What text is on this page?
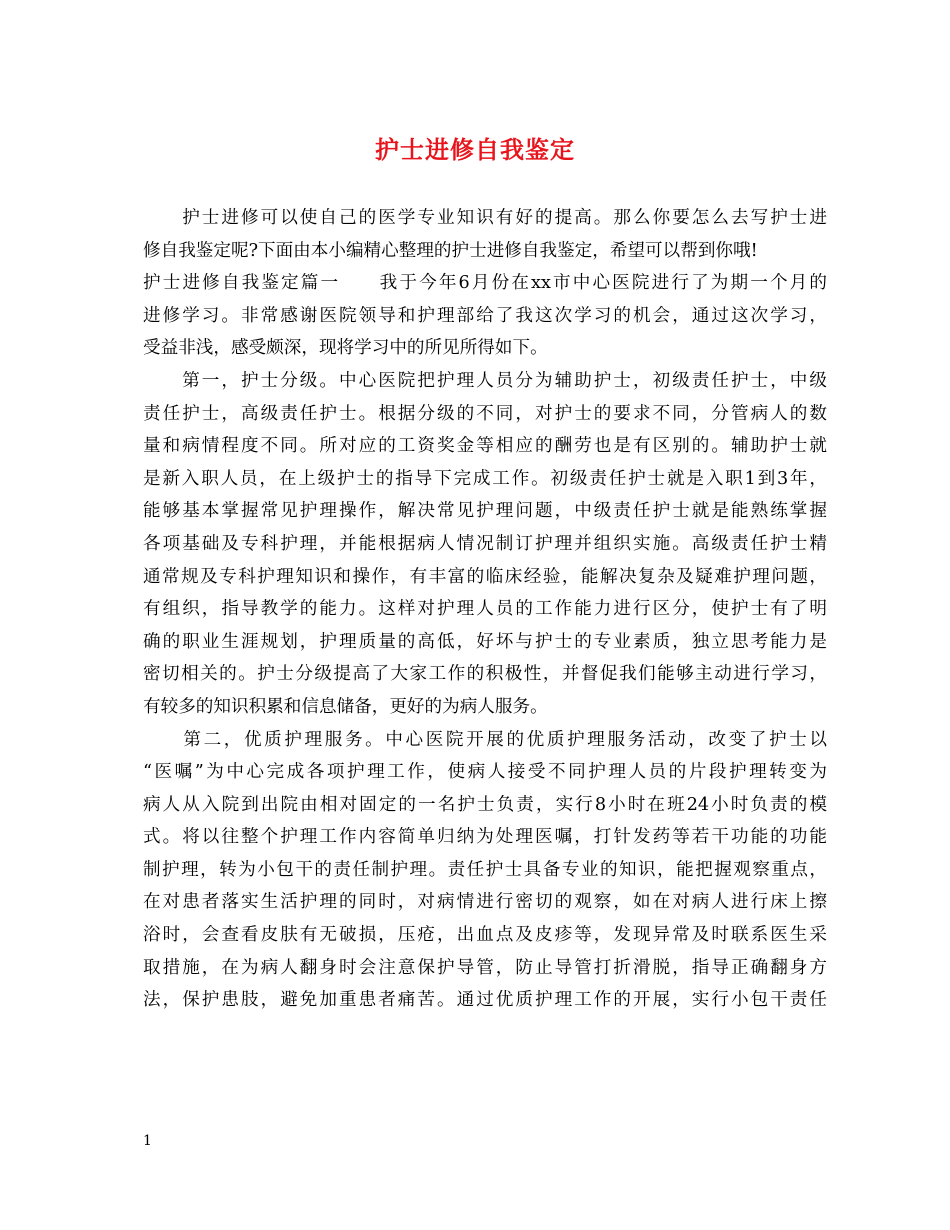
护士进修自我鉴定
　　护士进修可以使自己的医学专业知识有好的提高。那么你要怎么去写护士进
修自我鉴定呢?下面由本小编精心整理的护士进修自我鉴定，希望可以帮到你哦!
护士进修自我鉴定篇一　　我于今年6月份在xx市中心医院进行了为期一个月的
进修学习。非常感谢医院领导和护理部给了我这次学习的机会，通过这次学习，
受益非浅，感受颇深，现将学习中的所见所得如下。
　　第一，护士分级。中心医院把护理人员分为辅助护士，初级责任护士，中级
责任护士，高级责任护士。根据分级的不同，对护士的要求不同，分管病人的数
量和病情程度不同。所对应的工资奖金等相应的酬劳也是有区别的。辅助护士就
是新入职人员，在上级护士的指导下完成工作。初级责任护士就是入职1到3年，
能够基本掌握常见护理操作，解决常见护理问题，中级责任护士就是能熟练掌握
各项基础及专科护理，并能根据病人情况制订护理并组织实施。高级责任护士精
通常规及专科护理知识和操作，有丰富的临床经验，能解决复杂及疑难护理问题，
有组织，指导教学的能力。这样对护理人员的工作能力进行区分，使护士有了明
确的职业生涯规划，护理质量的高低，好坏与护士的专业素质，独立思考能力是
密切相关的。护士分级提高了大家工作的积极性，并督促我们能够主动进行学习，
有较多的知识积累和信息储备，更好的为病人服务。
　　第二，优质护理服务。中心医院开展的优质护理服务活动，改变了护士以
“医嘱”为中心完成各项护理工作，使病人接受不同护理人员的片段护理转变为
病人从入院到出院由相对固定的一名护士负责，实行8小时在班24小时负责的模
式。将以往整个护理工作内容简单归纳为处理医嘱，打针发药等若干功能的功能
制护理，转为小包干的责任制护理。责任护士具备专业的知识，能把握观察重点，
在对患者落实生活护理的同时，对病情进行密切的观察，如在对病人进行床上擦
浴时，会查看皮肤有无破损，压疮，出血点及皮疹等，发现异常及时联系医生采
取措施，在为病人翻身时会注意保护导管，防止导管打折滑脱，指导正确翻身方
法，保护患肢，避免加重患者痛苦。通过优质护理工作的开展，实行小包干责任
1
